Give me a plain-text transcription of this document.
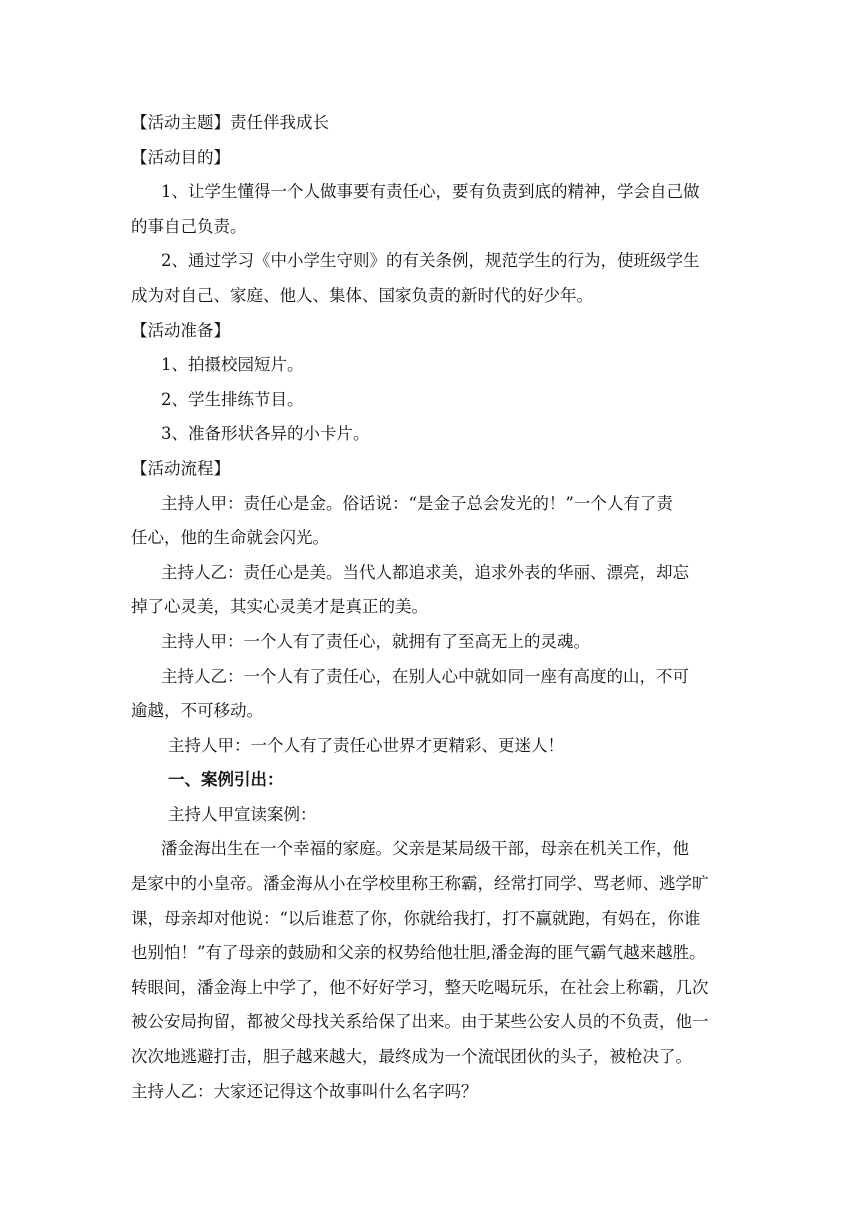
【活动主题】责任伴我成长
【活动目的】
1、让学生懂得一个人做事要有责任心，要有负责到底的精神，学会自己做
的事自己负责。
2、通过学习《中小学生守则》的有关条例，规范学生的行为，使班级学生
成为对自己、家庭、他人、集体、国家负责的新时代的好少年。
【活动准备】
1、拍摄校园短片。
2、学生排练节目。
3、准备形状各异的小卡片。
【活动流程】
主持人甲：责任心是金。俗话说：“是金子总会发光的！”一个人有了责
任心，他的生命就会闪光。
主持人乙：责任心是美。当代人都追求美，追求外表的华丽、漂亮，却忘
掉了心灵美，其实心灵美才是真正的美。
主持人甲：一个人有了责任心，就拥有了至高无上的灵魂。
主持人乙：一个人有了责任心，在别人心中就如同一座有高度的山，不可
逾越，不可移动。
主持人甲：一个人有了责任心世界才更精彩、更迷人！
一、案例引出：
主持人甲宣读案例：
潘金海出生在一个幸福的家庭。父亲是某局级干部，母亲在机关工作，他
是家中的小皇帝。潘金海从小在学校里称王称霸，经常打同学、骂老师、逃学旷
课，母亲却对他说：“以后谁惹了你，你就给我打，打不赢就跑，有妈在，你谁
也别怕！”有了母亲的鼓励和父亲的权势给他壮胆,潘金海的匪气霸气越来越胜。
转眼间，潘金海上中学了，他不好好学习，整天吃喝玩乐，在社会上称霸，几次
被公安局拘留，都被父母找关系给保了出来。由于某些公安人员的不负责，他一
次次地逃避打击，胆子越来越大，最终成为一个流氓团伙的头子，被枪决了。
主持人乙：大家还记得这个故事叫什么名字吗？
